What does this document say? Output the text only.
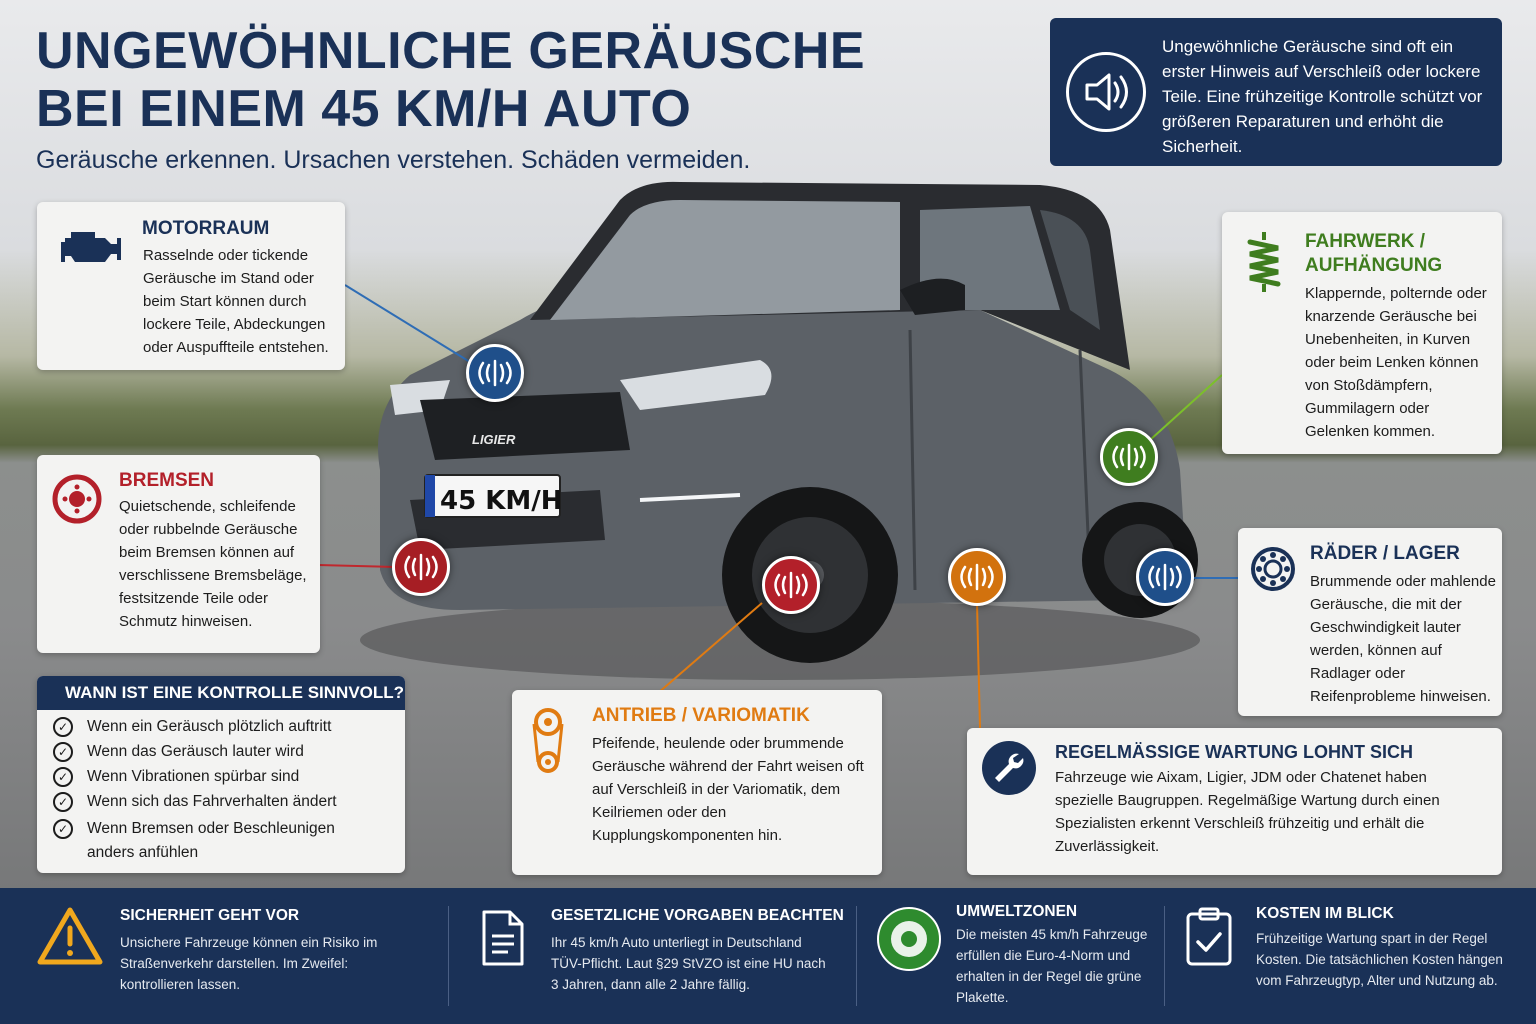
UNGEWÖHNLICHE GERÄUSCHE
BEI EINEM 45 KM/H AUTO
Geräusche erkennen. Ursachen verstehen. Schäden vermeiden.
Ungewöhnliche Geräusche sind oft ein erster Hinweis auf Verschleiß oder lockere Teile. Eine frühzeitige Kontrolle schützt vor größeren Reparaturen und erhöht die Sicherheit.
LIGIER
45 KM/H
MOTORRAUM

Rasselnde oder tickende Geräusche im Stand oder beim Start können durch lockere Teile, Abdeckungen oder Auspuffteile entstehen.

BREMSEN

Quietschende, schleifende oder rubbelnde Geräusche beim Bremsen können auf verschlissene Bremsbeläge, festsitzende Teile oder Schmutz hinweisen.

FAHRWERK / AUFHÄNGUNG

Klappernde, polternde oder knarzende Geräusche bei Unebenheiten, in Kurven oder beim Lenken können von Stoßdämpfern, Gummilagern oder Gelenken kommen.

RÄDER / LAGER

Brummende oder mahlende Geräusche, die mit der Geschwindigkeit lauter werden, können auf Radlager oder Reifenprobleme hinweisen.

ANTRIEB / VARIOMATIK

Pfeifende, heulende oder brummende Geräusche während der Fahrt weisen oft auf Verschleiß in der Variomatik, dem Keilriemen oder den Kupplungskomponenten hin.

REGELMÄSSIGE WARTUNG LOHNT SICH

Fahrzeuge wie Aixam, Ligier, JDM oder Chatenet haben spezielle Baugruppen. Regelmäßige Wartung durch einen Spezialisten erkennt Verschleiß frühzeitig und erhält die Zuverlässigkeit.

WANN IST EINE KONTROLLE SINNVOLL?
✓ Wenn ein Geräusch plötzlich auftritt
✓ Wenn das Geräusch lauter wird
✓ Wenn Vibrationen spürbar sind
✓ Wenn sich das Fahrverhalten ändert
✓	Wenn Bremsen oder Beschleunigen anders anfühlen
SICHERHEIT GEHT VOR

Unsichere Fahrzeuge können ein Risiko im Straßenverkehr darstellen. Im Zweifel: kontrollieren lassen.

GESETZLICHE VORGABEN BEACHTEN

Ihr 45 km/h Auto unterliegt in Deutschland TÜV-Pflicht. Laut §29 StVZO ist eine HU nach 3 Jahren, dann alle 2 Jahre fällig.

UMWELTZONEN

Die meisten 45 km/h Fahrzeuge erfüllen die Euro-4-Norm und erhalten in der Regel die grüne Plakette.

KOSTEN IM BLICK

Frühzeitige Wartung spart in der Regel Kosten. Die tatsächlichen Kosten hängen vom Fahrzeugtyp, Alter und Nutzung ab.
